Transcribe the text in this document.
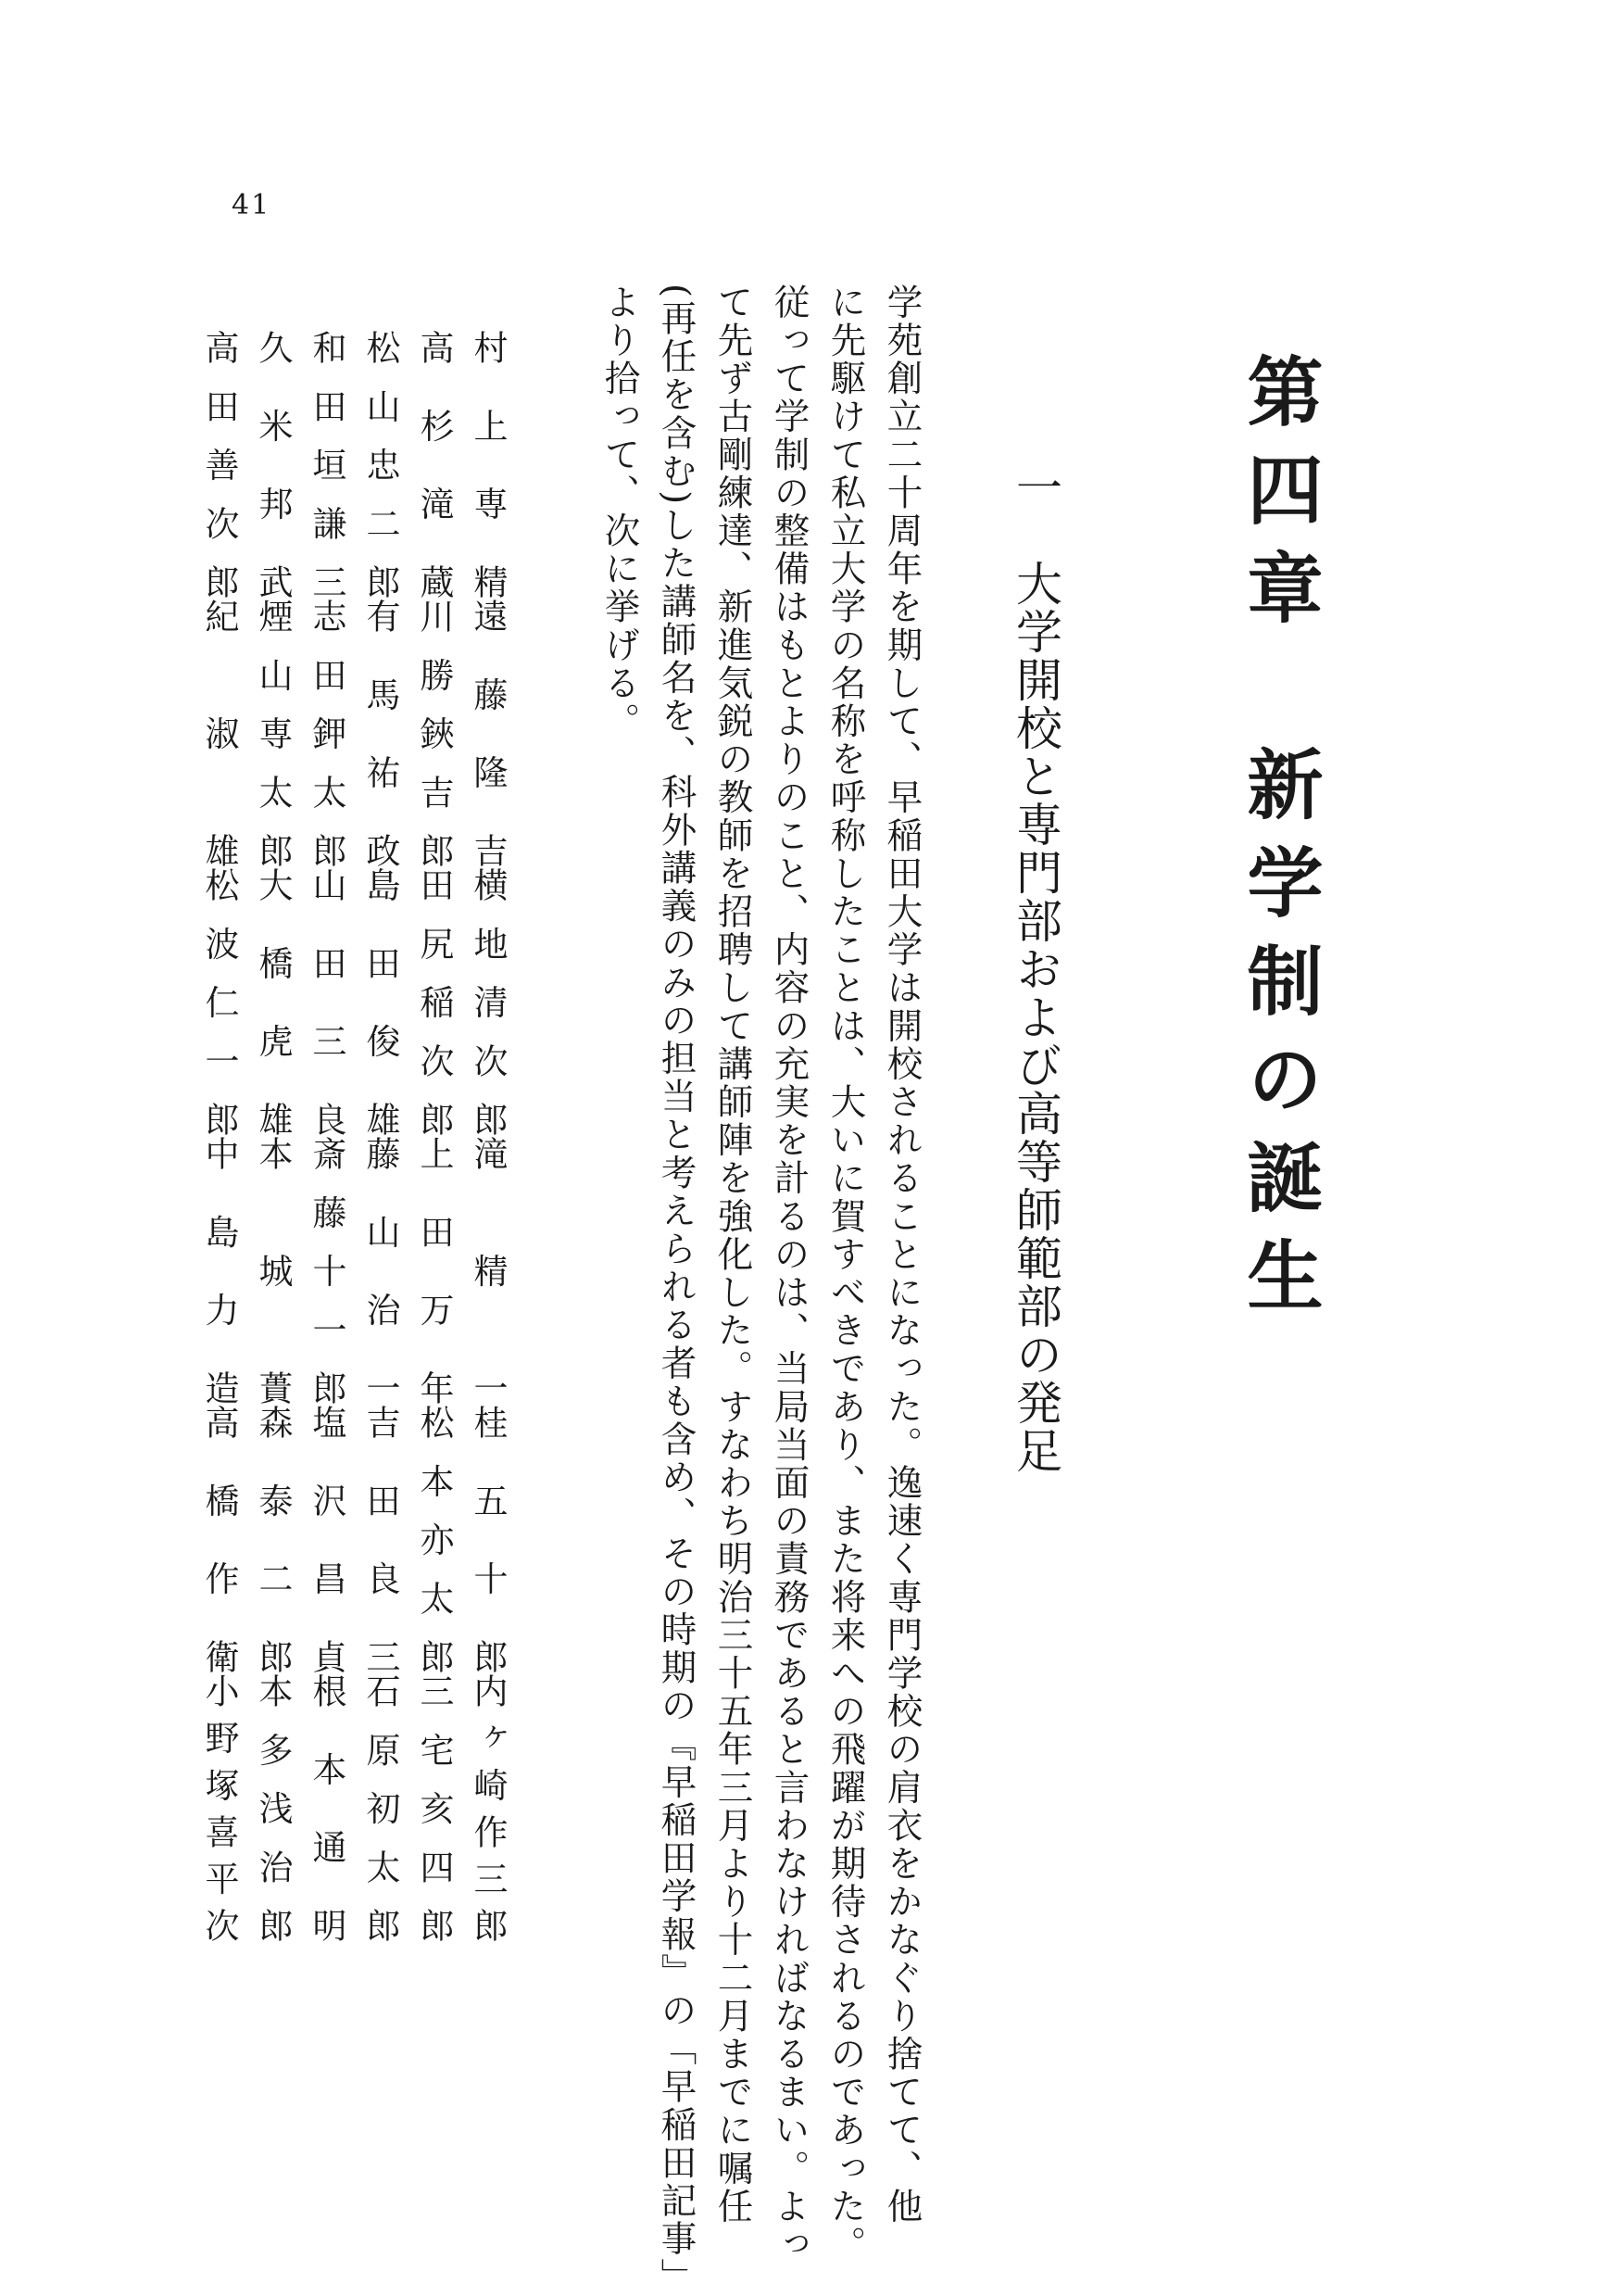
41
第四章　新学制の誕生
一　大学開校と専門部および高等師範部の発足
学苑創立二十周年を期して、早稲田大学は開校されることになった。逸速く専門学校の肩衣をかなぐり捨てて、他
に先駆けて私立大学の名称を呼称したことは、大いに賀すべきであり、また将来への飛躍が期待されるのであった。
従って学制の整備はもとよりのこと、内容の充実を計るのは、当局当面の責務であると言わなければなるまい。よっ
て先ず古剛練達、新進気鋭の教師を招聘して講師陣を強化した。すなわち明治三十五年三月より十二月までに嘱任
(再任を含む)した講師名を、科外講義のみの担当と考えられる者も含め、その時期の『早稲田学報』の「早稲田記事」
より拾って、次に挙げる。
村上専精
遠藤隆吉
横地清次郎
滝精一
桂五十郎
内ヶ崎作三郎
高杉滝蔵
川勝鋏吉郎
田尻稲次郎
上田万年
松本亦太郎
三宅亥四郎
松山忠二郎
有馬祐政
島田俊雄
藤山治一
吉田良三
石原初太郎
和田垣謙三
志田鉀太郎
山田三良
斎藤十一郎
塩沢昌貞
根本通明
久米邦武
煙山専太郎
大橋虎雄
本城蕢
森泰二郎
本多浅治郎
高田善次郎
紀淑雄
松波仁一郎
中島力造
高橋作衛
小野塚喜平次
